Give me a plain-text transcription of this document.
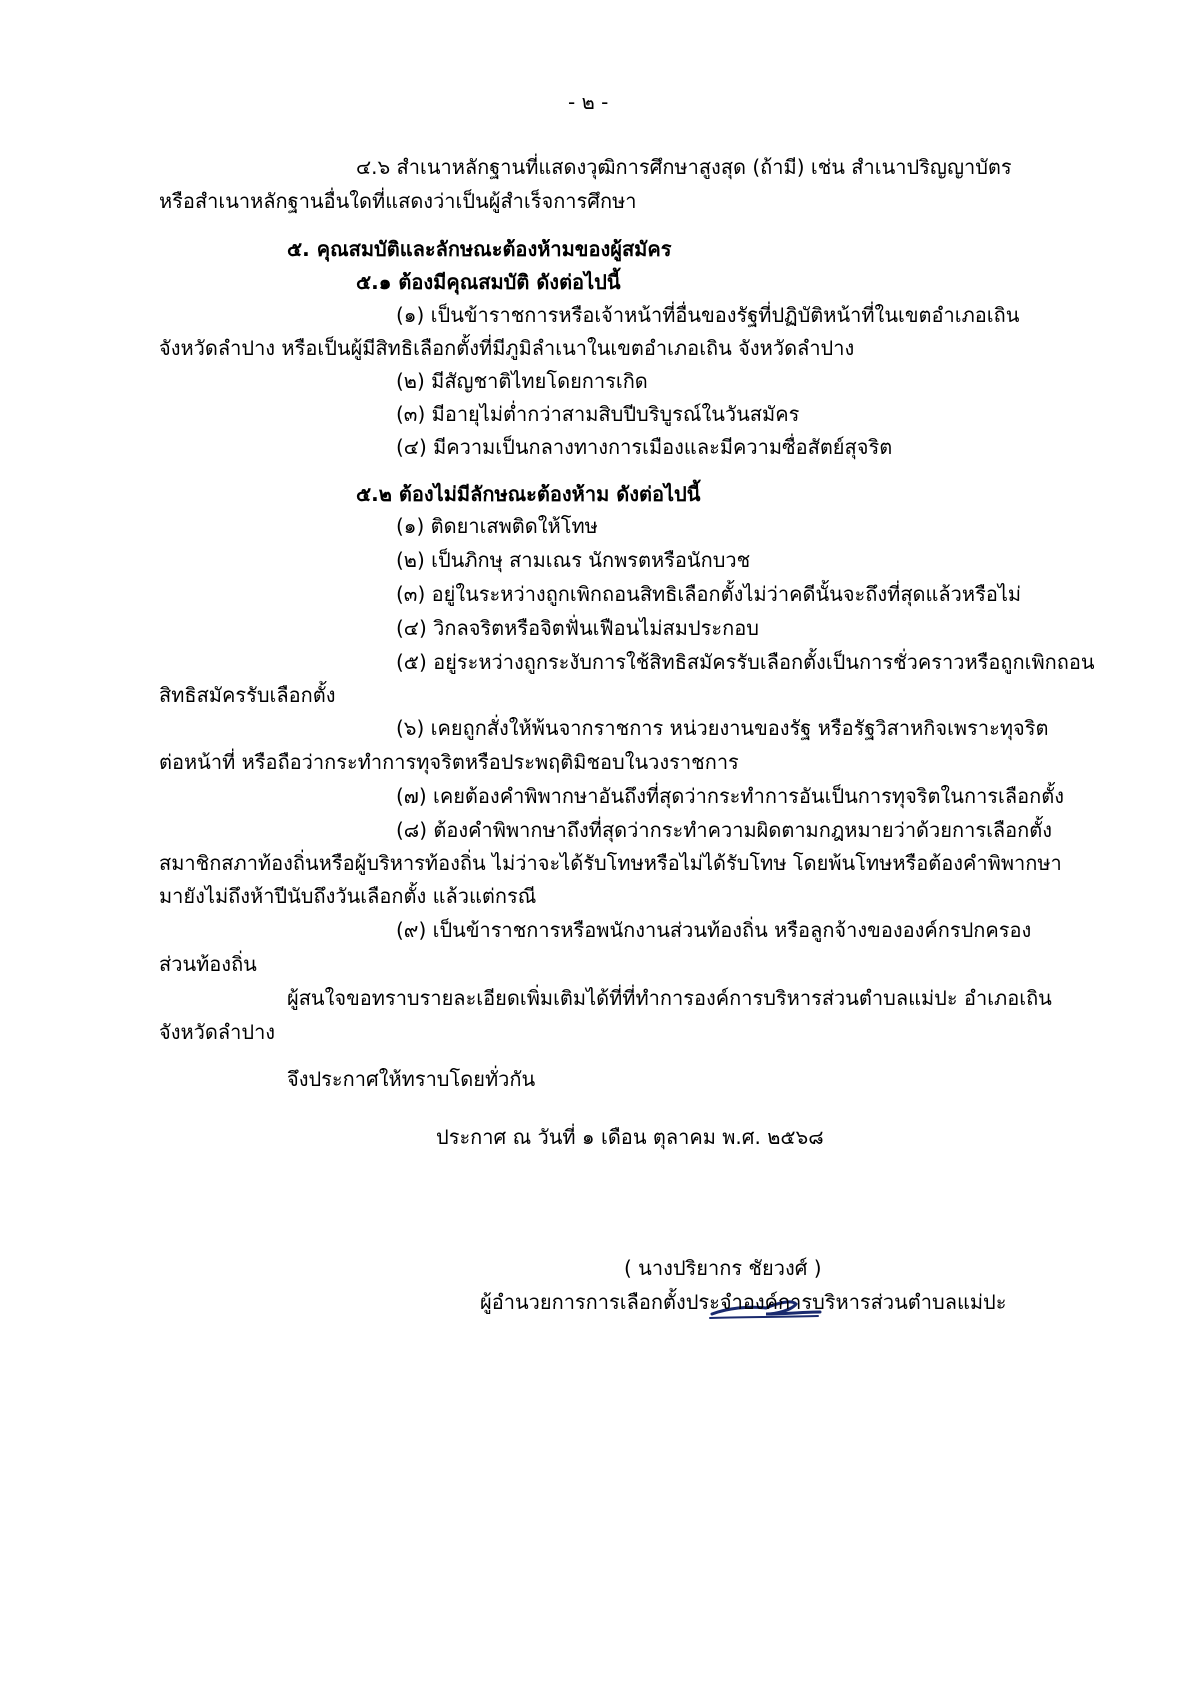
- ๒ -
๔.๖ สำเนาหลักฐานที่แสดงวุฒิการศึกษาสูงสุด (ถ้ามี) เช่น สำเนาปริญญาบัตร
หรือสำเนาหลักฐานอื่นใดที่แสดงว่าเป็นผู้สำเร็จการศึกษา
๕. คุณสมบัติและลักษณะต้องห้ามของผู้สมัคร
๕.๑ ต้องมีคุณสมบัติ ดังต่อไปนี้
(๑) เป็นข้าราชการหรือเจ้าหน้าที่อื่นของรัฐที่ปฏิบัติหน้าที่ในเขตอำเภอเถิน
จังหวัดลำปาง หรือเป็นผู้มีสิทธิเลือกตั้งที่มีภูมิลำเนาในเขตอำเภอเถิน จังหวัดลำปาง
(๒) มีสัญชาติไทยโดยการเกิด
(๓) มีอายุไม่ต่ำกว่าสามสิบปีบริบูรณ์ในวันสมัคร
(๔) มีความเป็นกลางทางการเมืองและมีความซื่อสัตย์สุจริต
๕.๒ ต้องไม่มีลักษณะต้องห้าม ดังต่อไปนี้
(๑) ติดยาเสพติดให้โทษ
(๒) เป็นภิกษุ สามเณร นักพรตหรือนักบวช
(๓) อยู่ในระหว่างถูกเพิกถอนสิทธิเลือกตั้งไม่ว่าคดีนั้นจะถึงที่สุดแล้วหรือไม่
(๔) วิกลจริตหรือจิตฟั่นเฟือนไม่สมประกอบ
(๕) อยู่ระหว่างถูกระงับการใช้สิทธิสมัครรับเลือกตั้งเป็นการชั่วคราวหรือถูกเพิกถอน
สิทธิสมัครรับเลือกตั้ง
(๖) เคยถูกสั่งให้พ้นจากราชการ หน่วยงานของรัฐ หรือรัฐวิสาหกิจเพราะทุจริต
ต่อหน้าที่ หรือถือว่ากระทำการทุจริตหรือประพฤติมิชอบในวงราชการ
(๗) เคยต้องคำพิพากษาอันถึงที่สุดว่ากระทำการอันเป็นการทุจริตในการเลือกตั้ง
(๘) ต้องคำพิพากษาถึงที่สุดว่ากระทำความผิดตามกฎหมายว่าด้วยการเลือกตั้ง
สมาชิกสภาท้องถิ่นหรือผู้บริหารท้องถิ่น ไม่ว่าจะได้รับโทษหรือไม่ได้รับโทษ โดยพ้นโทษหรือต้องคำพิพากษา
มายังไม่ถึงห้าปีนับถึงวันเลือกตั้ง แล้วแต่กรณี
(๙) เป็นข้าราชการหรือพนักงานส่วนท้องถิ่น หรือลูกจ้างขององค์กรปกครอง
ส่วนท้องถิ่น
ผู้สนใจขอทราบรายละเอียดเพิ่มเติมได้ที่ที่ทำการองค์การบริหารส่วนตำบลแม่ปะ อำเภอเถิน
จังหวัดลำปาง
จึงประกาศให้ทราบโดยทั่วกัน
ประกาศ ณ วันที่ ๑ เดือน ตุลาคม พ.ศ. ๒๕๖๘
( นางปริยากร ชัยวงศ์ )
ผู้อำนวยการการเลือกตั้งประจำองค์การบริหารส่วนตำบลแม่ปะ
